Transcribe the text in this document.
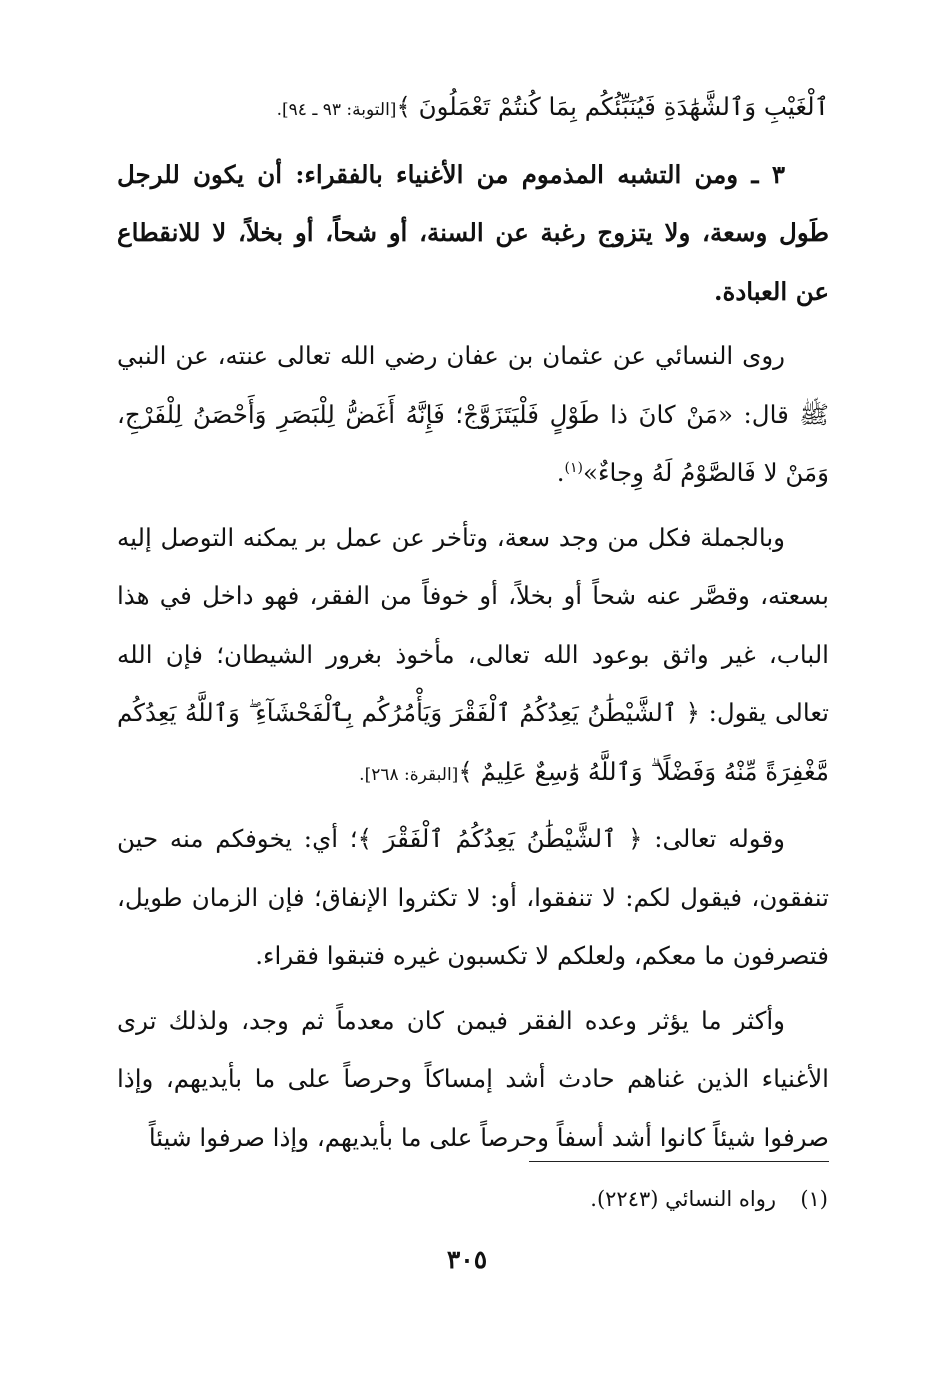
ٱلْغَيْبِ وَٱلشَّهَٰدَةِ فَيُنَبِّئُكُم بِمَا كُنتُمْ تَعْمَلُونَ ﴾[التوبة: ٩٣ ـ ٩٤].

٣ ـ ومن التشبه المذموم من الأغنياء بالفقراء: أن يكون للرجل طَول وسعة، ولا يتزوج رغبة عن السنة، أو شحاً، أو بخلاً، لا للانقطاع عن العبادة.

روى النسائي عن عثمان بن عفان رضي الله تعالى عنته، عن النبي ﷺ قال: «مَنْ كانَ ذا طَوْلٍ فَلْيَتَزَوَّجْ؛ فَإِنَّهُ أَغَضُّ لِلْبَصَرِ وَأَحْصَنُ لِلْفَرْجِ، وَمَنْ لا فَالصَّوْمُ لَهُ وِجاءٌ»$^{(١)}$.

وبالجملة فكل من وجد سعة، وتأخر عن عمل بر يمكنه التوصل إليه بسعته، وقصَّر عنه شحاً أو بخلاً، أو خوفاً من الفقر، فهو داخل في هذا الباب، غير واثق بوعود الله تعالى، مأخوذ بغرور الشيطان؛ فإن الله تعالى يقول: ﴿ ٱلشَّيْطَٰنُ يَعِدُكُمُ ٱلْفَقْرَ وَيَأْمُرُكُم بِٱلْفَحْشَآءِ ۖ وَٱللَّهُ يَعِدُكُم مَّغْفِرَةً مِّنْهُ وَفَضْلًا ۗ وَٱللَّهُ وَٰسِعٌ عَلِيمٌ ﴾[البقرة: ٢٦٨].

وقوله تعالى: ﴿ ٱلشَّيْطَٰنُ يَعِدُكُمُ ٱلْفَقْرَ ﴾؛ أي: يخوفكم منه حين تنفقون، فيقول لكم: لا تنفقوا، أو: لا تكثروا الإنفاق؛ فإن الزمان طويل، فتصرفون ما معكم، ولعلكم لا تكسبون غيره فتبقوا فقراء.

وأكثر ما يؤثر وعده الفقر فيمن كان معدماً ثم وجد، ولذلك ترى الأغنياء الذين غناهم حادث أشد إمساكاً وحرصاً على ما بأيديهم، وإذا صرفوا شيئاً كانوا أشد أسفاً وحرصاً على ما بأيديهم، وإذا صرفوا شيئاً

(١)رواه النسائي (٢٢٤٣).
٣٠٥
